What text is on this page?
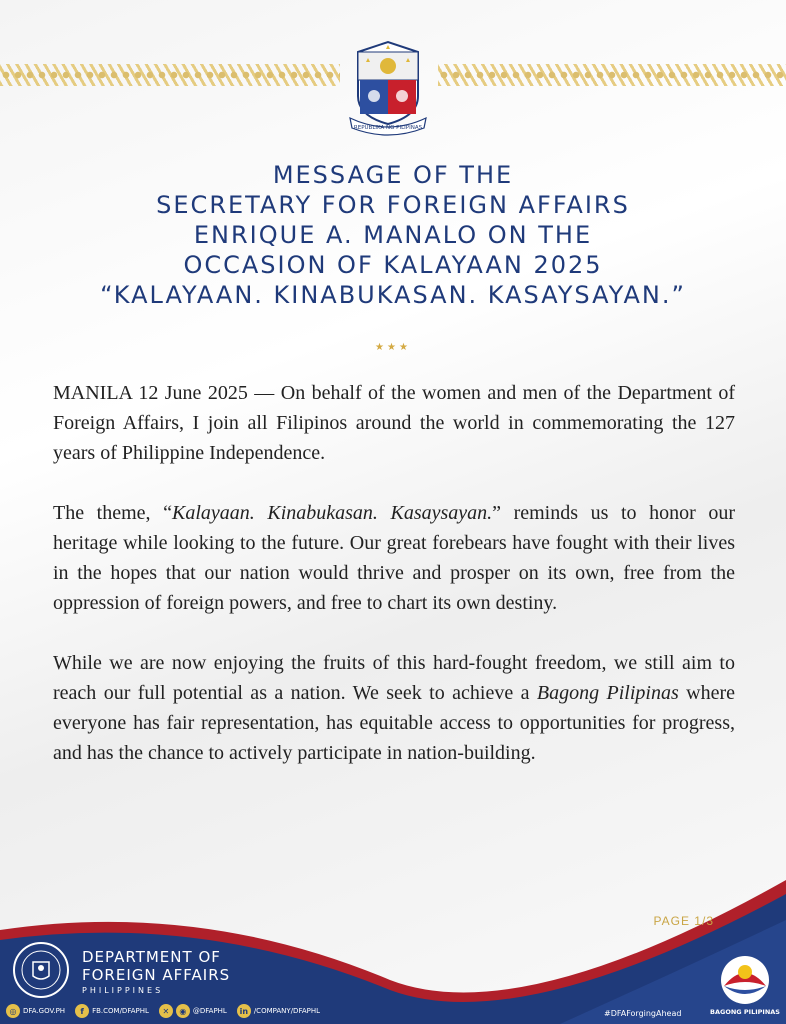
REPUBLIKA NG PILIPINAS
MESSAGE OF THE
SECRETARY FOR FOREIGN AFFAIRS
ENRIQUE A. MANALO ON THE
OCCASION OF KALAYAAN 2025
“KALAYAAN. KINABUKASAN. KASAYSAYAN.”
★★★

MANILA 12 June 2025 — On behalf of the women and men of the Department of Foreign Affairs, I join all Filipinos around the world in commemorating the 127 years of Philippine Independence.

The theme, “Kalayaan. Kinabukasan. Kasaysayan.” reminds us to honor our heritage while looking to the future. Our great forebears have fought with their lives in the hopes that our nation would thrive and prosper on its own, free from the oppression of foreign powers, and free to chart its own destiny.

While we are now enjoying the fruits of this hard-fought freedom, we still aim to reach our full potential as a nation. We seek to achieve a Bagong Pilipinas where everyone has fair representation, has equitable access to opportunities for progress, and has the chance to actively participate in nation-building.

PAGE 1/3
DEPARTMENT OF
FOREIGN AFFAIRS
PHILIPPINES
◎ DFA.GOV.PH	f	FB.COM/DFAPHL	✕	◉ @DFAPHL	in /COMPANY/DFAPHL	#DFAForgingAhead	BAGONG PILIPINAS
